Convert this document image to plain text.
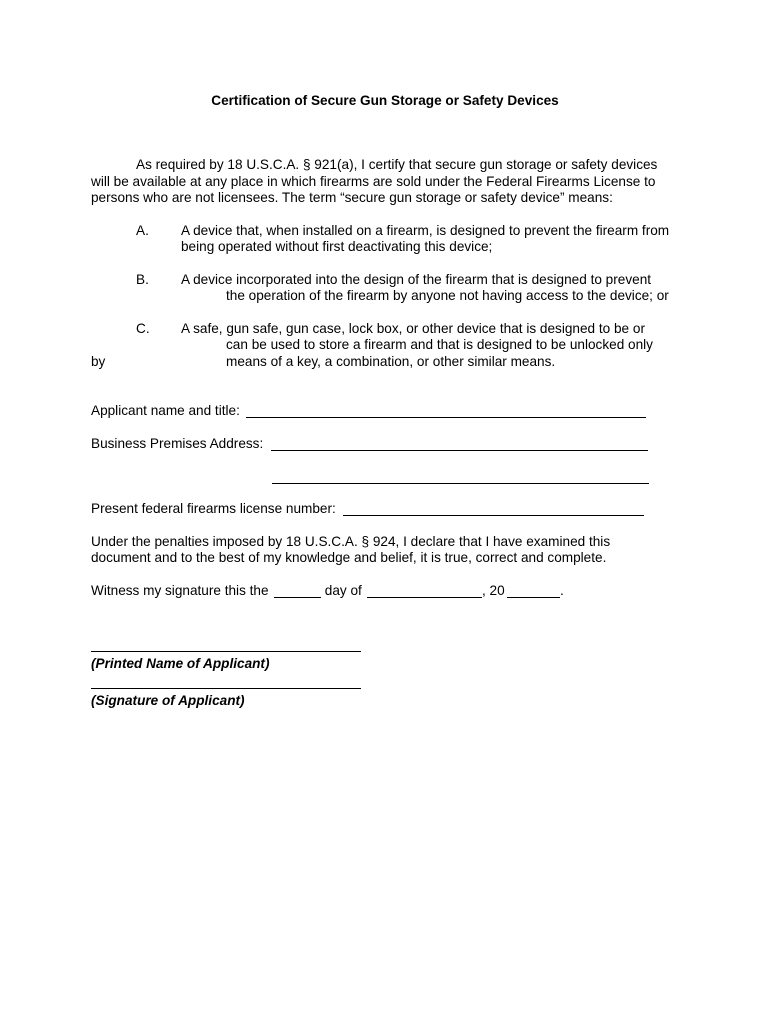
Certification of Secure Gun Storage or Safety Devices
As required by 18 U.S.C.A. § 921(a), I certify that secure gun storage or safety devices
will be available at any place in which firearms are sold under the Federal Firearms License to
persons who are not licensees. The term “secure gun storage or safety device” means:
A. A device that, when installed on a firearm, is designed to prevent the firearm from
being operated without first deactivating this device;
B. A device incorporated into the design of the firearm that is designed to prevent
the operation of the firearm by anyone not having access to the device; or
C. A safe, gun safe, gun case, lock box, or other device that is designed to be or
can be used to store a firearm and that is designed to be unlocked only
by	means of a key, a combination, or other similar means.
Applicant name and title:
Business Premises Address:
Present federal firearms license number:
Under the penalties imposed by 18 U.S.C.A. § 924, I declare that I have examined this
document and to the best of my knowledge and belief, it is true, correct and complete.
Witness my signature this the	day of	, 20	.
(Printed Name of Applicant)
(Signature of Applicant)
